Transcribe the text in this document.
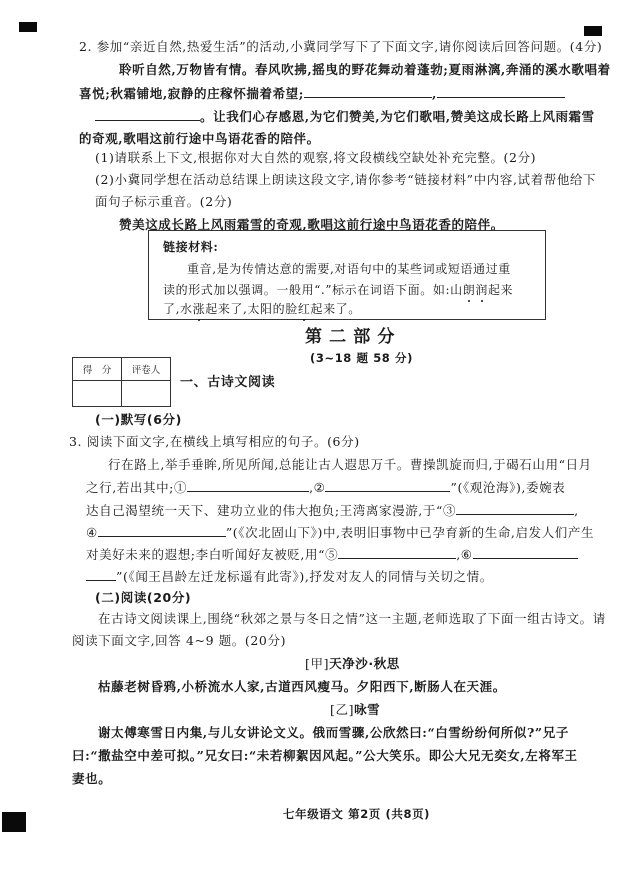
2. 参加“亲近自然,热爱生活”的活动,小冀同学写下了下面文字,请你阅读后回答问题。(4分)
聆听自然,万物皆有情。春风吹拂,摇曳的野花舞动着蓬勃;夏雨淋漓,奔涌的溪水歌唱着
喜悦;秋霜铺地,寂静的庄稼怀揣着希望;	,
。让我们心存感恩,为它们赞美,为它们歌唱,赞美这成长路上风雨霜雪
的奇观,歌唱这前行途中鸟语花香的陪伴。
(1)请联系上下文,根据你对大自然的观察,将文段横线空缺处补充完整。(2分)
(2)小冀同学想在活动总结课上朗读这段文字,请你参考“链接材料”中内容,试着帮他给下
面句子标示重音。(2分)
赞美这成长路上风雨霜雪的奇观,歌唱这前行途中鸟语花香的陪伴。
链接材料:
重音,是为传情达意的需要,对语句中的某些词或短语通过重
读的形式加以强调。一般用“.”标示在词语下面。如:山朗润起来
了,水涨起来了,太阳的脸红起来了。
第 二 部 分
(3~18 题 58 分)
得　分	评卷人

一、古诗文阅读
(一)默写(6分)
3. 阅读下面文字,在横线上填写相应的句子。(6分)
行在路上,举手垂眸,所见所闻,总能让古人遐思万千。曹操凯旋而归,于碣石山用“日月
之行,若出其中;①	,②	”(《观沧海》),委婉表
达自己渴望统一天下、建功立业的伟大抱负;王湾离家漫游,于“③	,
④	”(《次北固山下》)中,表明旧事物中已孕育新的生命,启发人们产生
对美好未来的遐想;李白听闻好友被贬,用“⑤	,⑥
”(《闻王昌龄左迁龙标遥有此寄》),抒发对友人的同情与关切之情。
(二)阅读(20分)
在古诗文阅读课上,围绕“秋郊之景与冬日之情”这一主题,老师选取了下面一组古诗文。请
阅读下面文字,回答 4~9 题。(20分)
[甲]天净沙·秋思
枯藤老树昏鸦,小桥流水人家,古道西风瘦马。夕阳西下,断肠人在天涯。
[乙]咏雪
谢太傅寒雪日内集,与儿女讲论文义。俄而雪骤,公欣然曰:“白雪纷纷何所似?”兄子
曰:“撒盐空中差可拟。”兄女曰:“未若柳絮因风起。”公大笑乐。即公大兄无奕女,左将军王
妻也。
七年级语文 第2页 (共8页)
